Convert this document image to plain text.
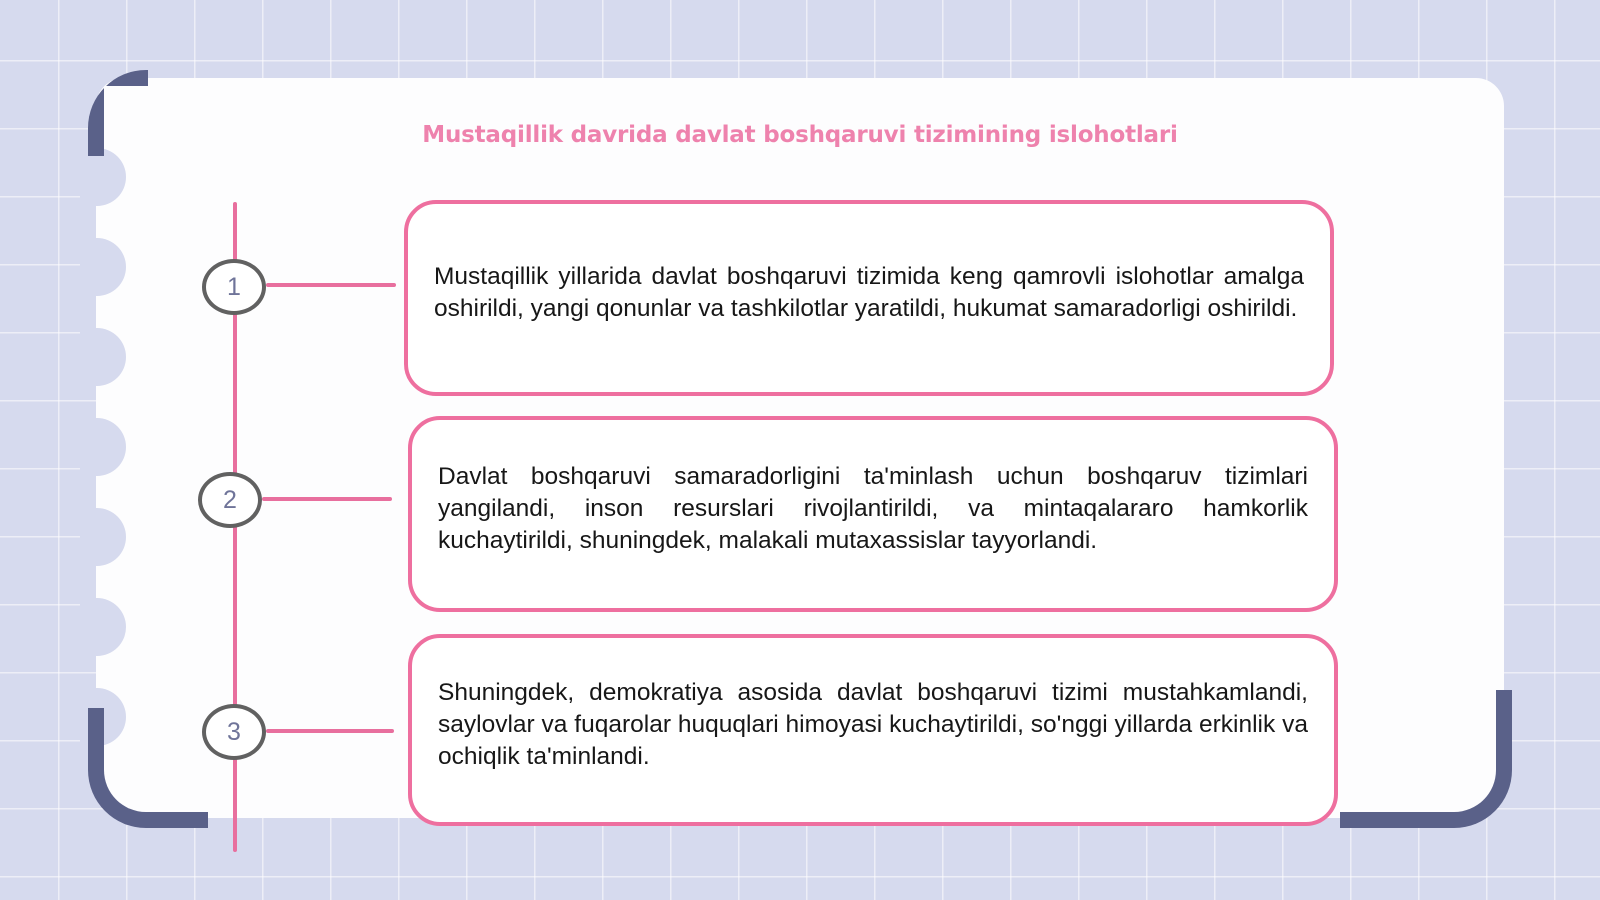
Mustaqillik davrida davlat boshqaruvi tizimining islohotlari
1
2
3

Mustaqillik yillarida davlat boshqaruvi tizimida keng qamrovli islohotlar amalga oshirildi, yangi qonunlar va tashkilotlar yaratildi, hukumat samaradorligi oshirildi.

Davlat boshqaruvi samaradorligini ta'minlash uchun boshqaruv tizimlari yangilandi, inson resurslari rivojlantirildi, va mintaqalararo hamkorlik kuchaytirildi, shuningdek, malakali mutaxassislar tayyorlandi.

Shuningdek, demokratiya asosida davlat boshqaruvi tizimi mustahkamlandi, saylovlar va fuqarolar huquqlari himoyasi kuchaytirildi, so'nggi yillarda erkinlik va ochiqlik ta'minlandi.
